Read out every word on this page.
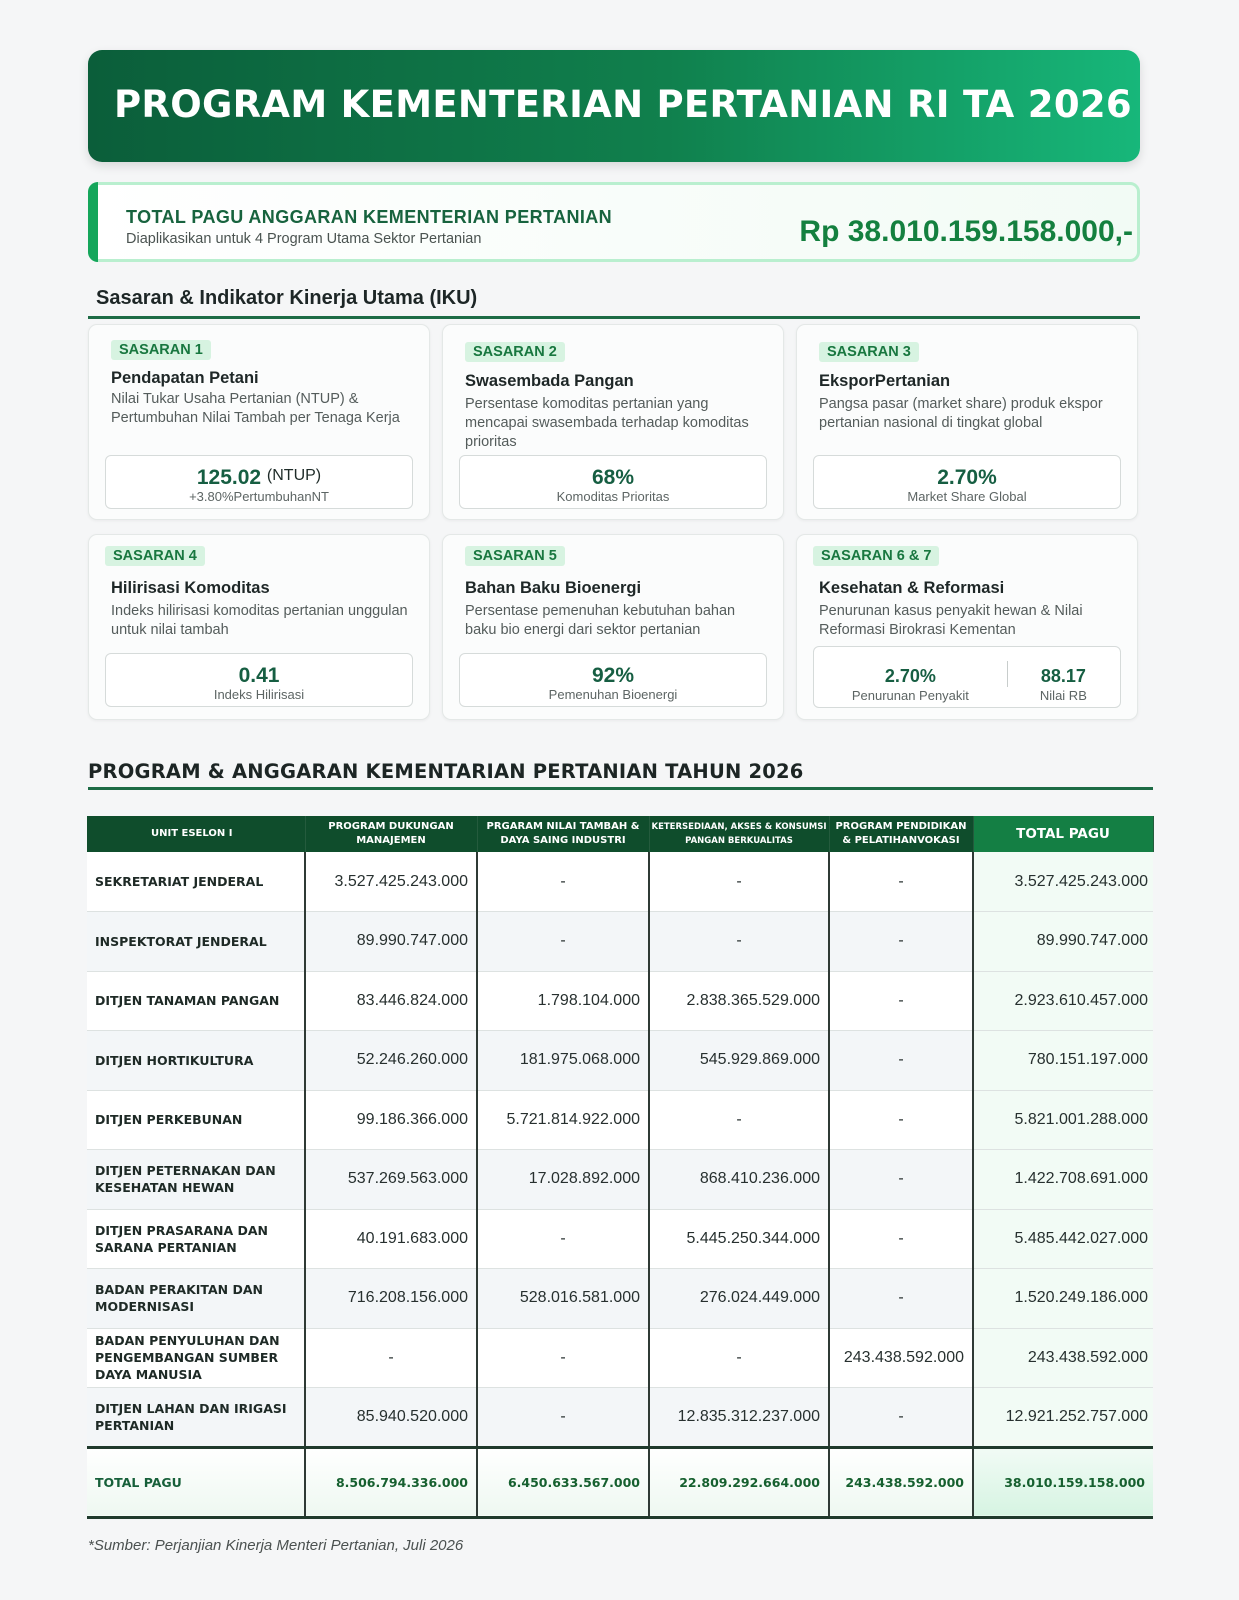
PROGRAM KEMENTERIAN PERTANIAN RI TA 2026
TOTAL PAGU ANGGARAN KEMENTERIAN PERTANIAN
Diaplikasikan untuk 4 Program Utama Sektor Pertanian	Rp 38.010.159.158.000,-
Sasaran & Indikator Kinerja Utama (IKU)
SASARAN 1
Pendapatan Petani
Nilai Tukar Usaha Pertanian (NTUP) & Pertumbuhan Nilai Tambah per Tenaga Kerja
125.02 (NTUP)
+3.80%PertumbuhanNT
SASARAN 2
Swasembada Pangan
Persentase komoditas pertanian yang mencapai swasembada terhadap komoditas prioritas
68%
Komoditas Prioritas
SASARAN 3
EksporPertanian
Pangsa pasar (market share) produk ekspor pertanian nasional di tingkat global
2.70%
Market Share Global
SASARAN 4
Hilirisasi Komoditas
Indeks hilirisasi komoditas pertanian unggulan untuk nilai tambah
0.41
Indeks Hilirisasi
SASARAN 5
Bahan Baku Bioenergi
Persentase pemenuhan kebutuhan bahan baku bio energi dari sektor pertanian
92%
Pemenuhan Bioenergi
SASARAN 6 & 7
Kesehatan & Reformasi
Penurunan kasus penyakit hewan & Nilai Reformasi Birokrasi Kementan
2.70%
Penurunan Penyakit
88.17
Nilai RB
PROGRAM & ANGGARAN KEMENTARIAN PERTANIAN TAHUN 2026
UNIT ESELON I	PROGRAM DUKUNGAN MANAJEMEN	PRGARAM NILAI TAMBAH & DAYA SAING INDUSTRI	KETERSEDIAAN, AKSES & KONSUMSI PANGAN BERKUALITAS	PROGRAM PENDIDIKAN & PELATIHANVOKASI	TOTAL PAGU
SEKRETARIAT JENDERAL	3.527.425.243.000	-	-	-	3.527.425.243.000
INSPEKTORAT JENDERAL	89.990.747.000	-	-	-	89.990.747.000
DITJEN TANAMAN PANGAN	83.446.824.000	1.798.104.000	2.838.365.529.000	-	2.923.610.457.000
DITJEN HORTIKULTURA	52.246.260.000	181.975.068.000	545.929.869.000	-	780.151.197.000
DITJEN PERKEBUNAN	99.186.366.000	5.721.814.922.000	-	-	5.821.001.288.000
DITJEN PETERNAKAN DAN KESEHATAN HEWAN	537.269.563.000	17.028.892.000	868.410.236.000	-	1.422.708.691.000
DITJEN PRASARANA DAN SARANA PERTANIAN	40.191.683.000	-	5.445.250.344.000	-	5.485.442.027.000
BADAN PERAKITAN DAN MODERNISASI	716.208.156.000	528.016.581.000	276.024.449.000	-	1.520.249.186.000
BADAN PENYULUHAN DAN PENGEMBANGAN SUMBER DAYA MANUSIA	-	-	-	243.438.592.000	243.438.592.000
DITJEN LAHAN DAN IRIGASI PERTANIAN	85.940.520.000	-	12.835.312.237.000	-	12.921.252.757.000
TOTAL PAGU	8.506.794.336.000	6.450.633.567.000	22.809.292.664.000	243.438.592.000	38.010.159.158.000
*Sumber: Perjanjian Kinerja Menteri Pertanian, Juli 2026
